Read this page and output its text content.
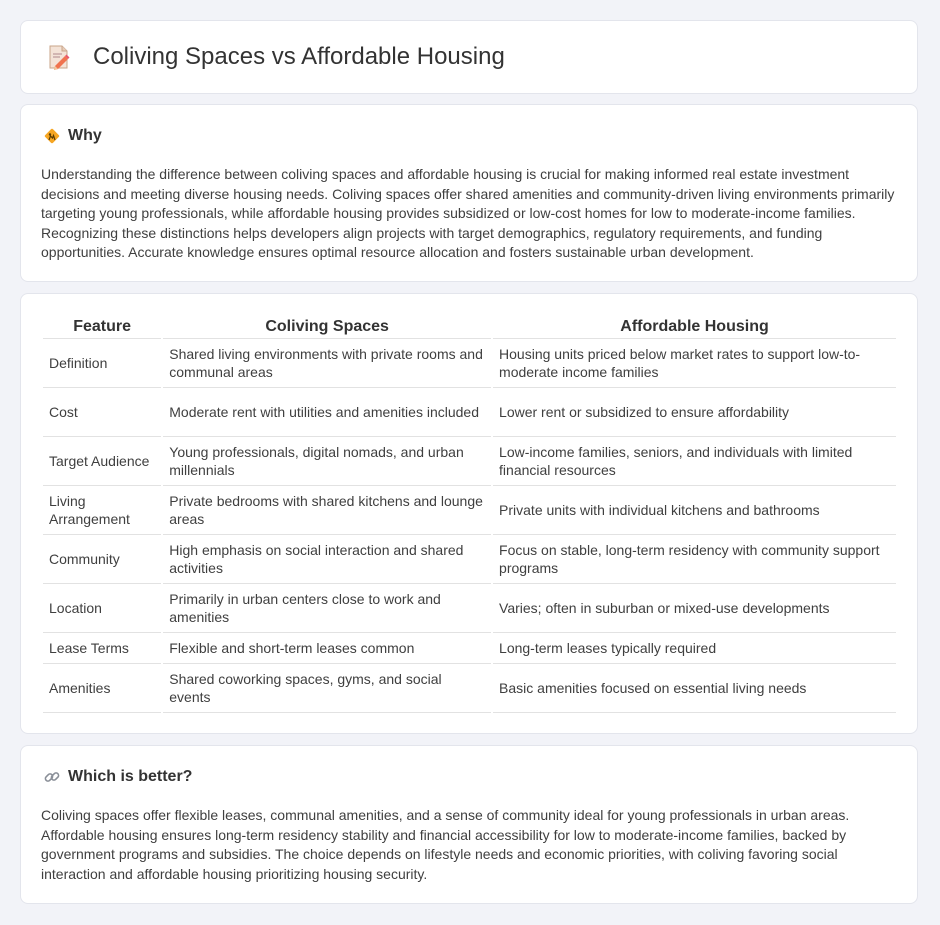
Coliving Spaces vs Affordable Housing
Why

Understanding the difference between coliving spaces and affordable housing is crucial for making informed real estate investment decisions and meeting diverse housing needs. Coliving spaces offer shared amenities and community-driven living environments primarily targeting young professionals, while affordable housing provides subsidized or low-cost homes for low to moderate-income families. Recognizing these distinctions helps developers align projects with target demographics, regulatory requirements, and funding opportunities. Accurate knowledge ensures optimal resource allocation and fosters sustainable urban development.

Feature	Coliving Spaces	Affordable Housing
Definition	Shared living environments with private rooms and communal areas	Housing units priced below market rates to support low-to-moderate income families
Cost	Moderate rent with utilities and amenities included	Lower rent or subsidized to ensure affordability
Target Audience	Young professionals, digital nomads, and urban millennials	Low-income families, seniors, and individuals with limited financial resources
Living Arrangement	Private bedrooms with shared kitchens and lounge areas	Private units with individual kitchens and bathrooms
Community	High emphasis on social interaction and shared activities	Focus on stable, long-term residency with community support programs
Location	Primarily in urban centers close to work and amenities	Varies; often in suburban or mixed-use developments
Lease Terms	Flexible and short-term leases common	Long-term leases typically required
Amenities	Shared coworking spaces, gyms, and social events	Basic amenities focused on essential living needs
Which is better?

Coliving spaces offer flexible leases, communal amenities, and a sense of community ideal for young professionals in urban areas. Affordable housing ensures long-term residency stability and financial accessibility for low to moderate-income families, backed by government programs and subsidies. The choice depends on lifestyle needs and economic priorities, with coliving favoring social interaction and affordable housing prioritizing housing security.
